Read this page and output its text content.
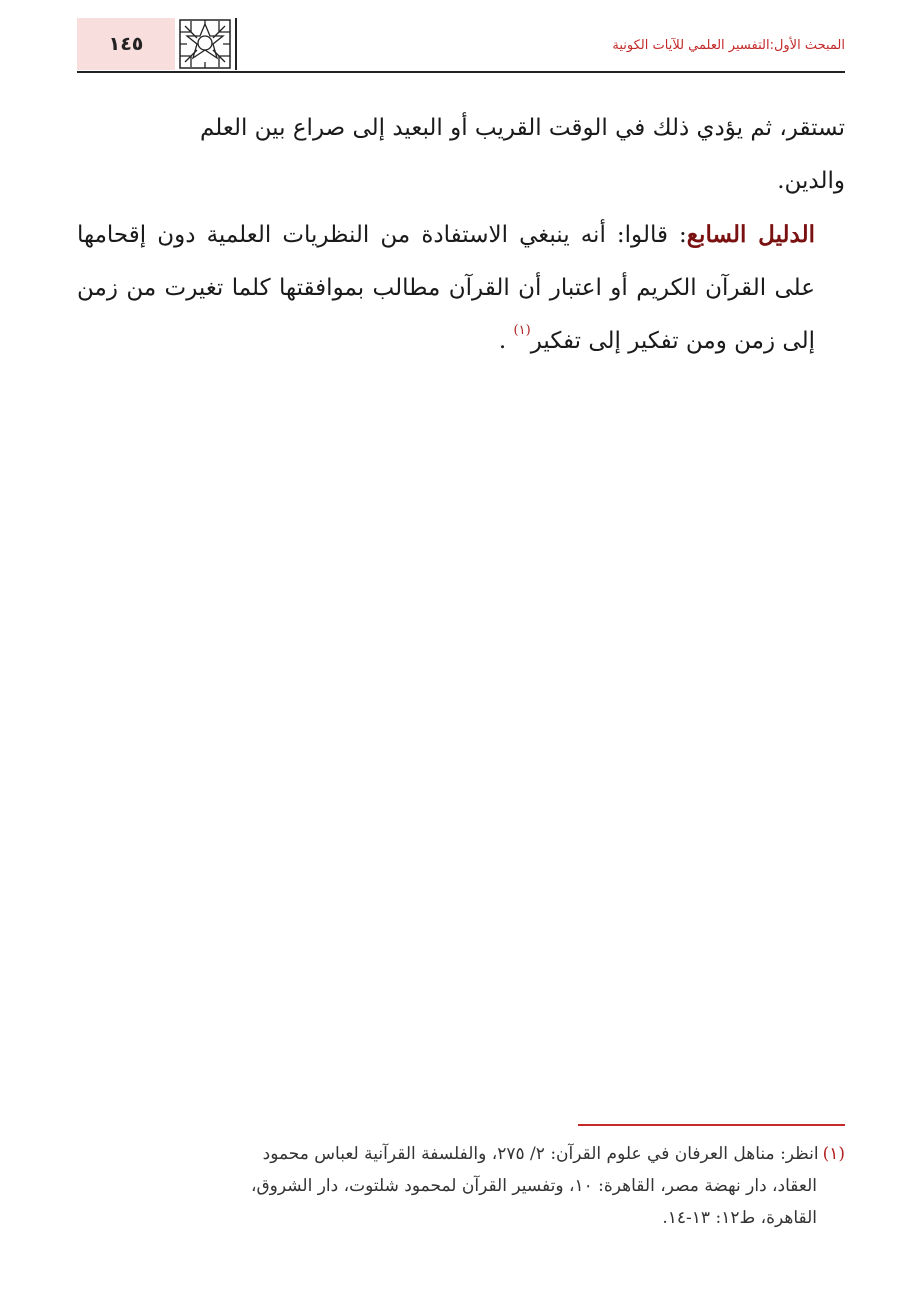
١٤٥	المبحث الأول:التفسير العلمي للآيات الكونية

تستقر، ثم يؤدي ذلك في الوقت القريب أو البعيد إلى صراع بين العلم
والدين.

الدليل السابع: قالوا: أنه ينبغي الاستفادة من النظريات العلمية دون إقحامها على القرآن الكريم أو اعتبار أن القرآن مطالب بموافقتها كلما تغيرت من زمن إلى زمن ومن تفكير إلى تفكير$^{(١)}$ .

(١)انظر: مناهل العرفان في علوم القرآن: ٢/ ٢٧٥، والفلسفة القرآنية لعباس محمود
العقاد، دار نهضة مصر، القاهرة: ١٠، وتفسير القرآن لمحمود شلتوت، دار الشروق،
القاهرة، ط١٢: ١٣-١٤.
